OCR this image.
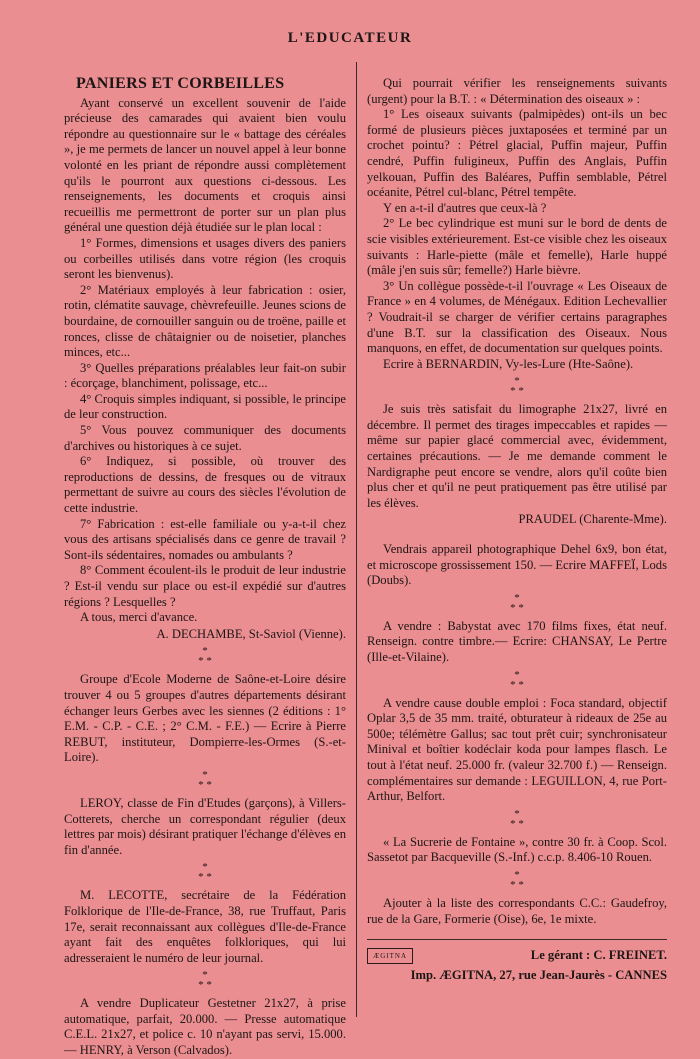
L'EDUCATEUR
PANIERS ET CORBEILLES

Ayant conservé un excellent souvenir de l'aide précieuse des camarades qui avaient bien voulu répondre au questionnaire sur le « battage des céréales », je me permets de lancer un nouvel appel à leur bonne volonté en les priant de répondre aussi complètement qu'ils le pourront aux questions ci-dessous. Les renseignements, les documents et croquis ainsi recueillis me permettront de porter sur un plan plus général une question déjà étudiée sur le plan local :

1° Formes, dimensions et usages divers des paniers ou corbeilles utilisés dans votre région (les croquis seront les bienvenus).

2° Matériaux employés à leur fabrication : osier, rotin, clématite sauvage, chèvrefeuille. Jeunes scions de bourdaine, de cornouiller sanguin ou de troëne, paille et ronces, clisse de châtaignier ou de noisetier, planches minces, etc...

3° Quelles préparations préalables leur fait-on subir : écorçage, blanchiment, polissage, etc...

4° Croquis simples indiquant, si possible, le principe de leur construction.

5° Vous pouvez communiquer des documents d'archives ou historiques à ce sujet.

6° Indiquez, si possible, où trouver des reproductions de dessins, de fresques ou de vitraux permettant de suivre au cours des siècles l'évolution de cette industrie.

7° Fabrication : est-elle familiale ou y-a-t-il chez vous des artisans spécialisés dans ce genre de travail ? Sont-ils sédentaires, nomades ou ambulants ?

8° Comment écoulent-ils le produit de leur industrie ? Est-il vendu sur place ou est-il expédié sur d'autres régions ? Lesquelles ?

A tous, merci d'avance.

A. DECHAMBE, St-Saviol (Vienne).

*
* *

Groupe d'Ecole Moderne de Saône-et-Loire désire trouver 4 ou 5 groupes d'autres départements désirant échanger leurs Gerbes avec les siennes (2 éditions : 1° E.M. - C.P. - C.E. ; 2° C.M. - F.E.) — Ecrire à Pierre REBUT, instituteur, Dompierre-les-Ormes (S.-et-Loire).

*
* *

LEROY, classe de Fin d'Etudes (garçons), à Villers-Cotterets, cherche un correspondant régulier (deux lettres par mois) désirant pratiquer l'échange d'élèves en fin d'année.

*
* *

M. LECOTTE, secrétaire de la Fédération Folklorique de l'Ile-de-France, 38, rue Truffaut, Paris 17e, serait reconnaissant aux collègues d'Ile-de-France ayant fait des enquêtes folkloriques, qui lui adresseraient le numéro de leur journal.

*
* *

A vendre Duplicateur Gestetner 21x27, à prise automatique, parfait, 20.000. — Presse automatique C.E.L. 21x27, et police c. 10 n'ayant pas servi, 15.000. — HENRY, à Verson (Calvados).

Qui pourrait vérifier les renseignements suivants (urgent) pour la B.T. : « Détermination des oiseaux » :

1° Les oiseaux suivants (palmipèdes) ont-ils un bec formé de plusieurs pièces juxtaposées et terminé par un crochet pointu? : Pétrel glacial, Puffin majeur, Puffin cendré, Puffin fuligineux, Puffin des Anglais, Puffin yelkouan, Puffin des Baléares, Puffin semblable, Pétrel océanite, Pétrel cul-blanc, Pétrel tempête.

Y en a-t-il d'autres que ceux-là ?

2° Le bec cylindrique est muni sur le bord de dents de scie visibles extérieurement. Est-ce visible chez les oiseaux suivants : Harle-piette (mâle et femelle), Harle huppé (mâle j'en suis sûr; femelle?) Harle bièvre.

3° Un collègue possède-t-il l'ouvrage « Les Oiseaux de France » en 4 volumes, de Ménégaux. Edition Lechevallier ? Voudrait-il se charger de vérifier certains paragraphes d'une B.T. sur la classification des Oiseaux. Nous manquons, en effet, de documentation sur quelques points.

Ecrire à BERNARDIN, Vy-les-Lure (Hte-Saône).

*
* *

Je suis très satisfait du limographe 21x27, livré en décembre. Il permet des tirages impeccables et rapides — même sur papier glacé commercial avec, évidemment, certaines précautions. — Je me demande comment le Nardigraphe peut encore se vendre, alors qu'il coûte bien plus cher et qu'il ne peut pratiquement pas être utilisé par les élèves.

PRAUDEL (Charente-Mme).

Vendrais appareil photographique Dehel 6x9, bon état, et microscope grossissement 150. — Ecrire MAFFEÏ, Lods (Doubs).

*
* *

A vendre : Babystat avec 170 films fixes, état neuf. Renseign. contre timbre.— Ecrire: CHANSAY, Le Pertre (Ille-et-Vilaine).

*
* *

A vendre cause double emploi : Foca standard, objectif Oplar 3,5 de 35 mm. traité, obturateur à rideaux de 25e au 500e; télémètre Gallus; sac tout prêt cuir; synchronisateur Minival et boîtier kodéclair koda pour lampes flasch. Le tout à l'état neuf. 25.000 fr. (valeur 32.700 f.) — Renseign. complémentaires sur demande : LEGUILLON, 4, rue Port-Arthur, Belfort.

*
* *

« La Sucrerie de Fontaine », contre 30 fr. à Coop. Scol. Sassetot par Bacqueville (S.-Inf.) c.c.p. 8.406-10 Rouen.

*
* *

Ajouter à la liste des correspondants C.C.: Gaudefroy, rue de la Gare, Formerie (Oise), 6e, 1e mixte.

ÆGITNA	Le gérant : C. FREINET.

Imp. ÆGITNA, 27, rue Jean-Jaurès - CANNES
